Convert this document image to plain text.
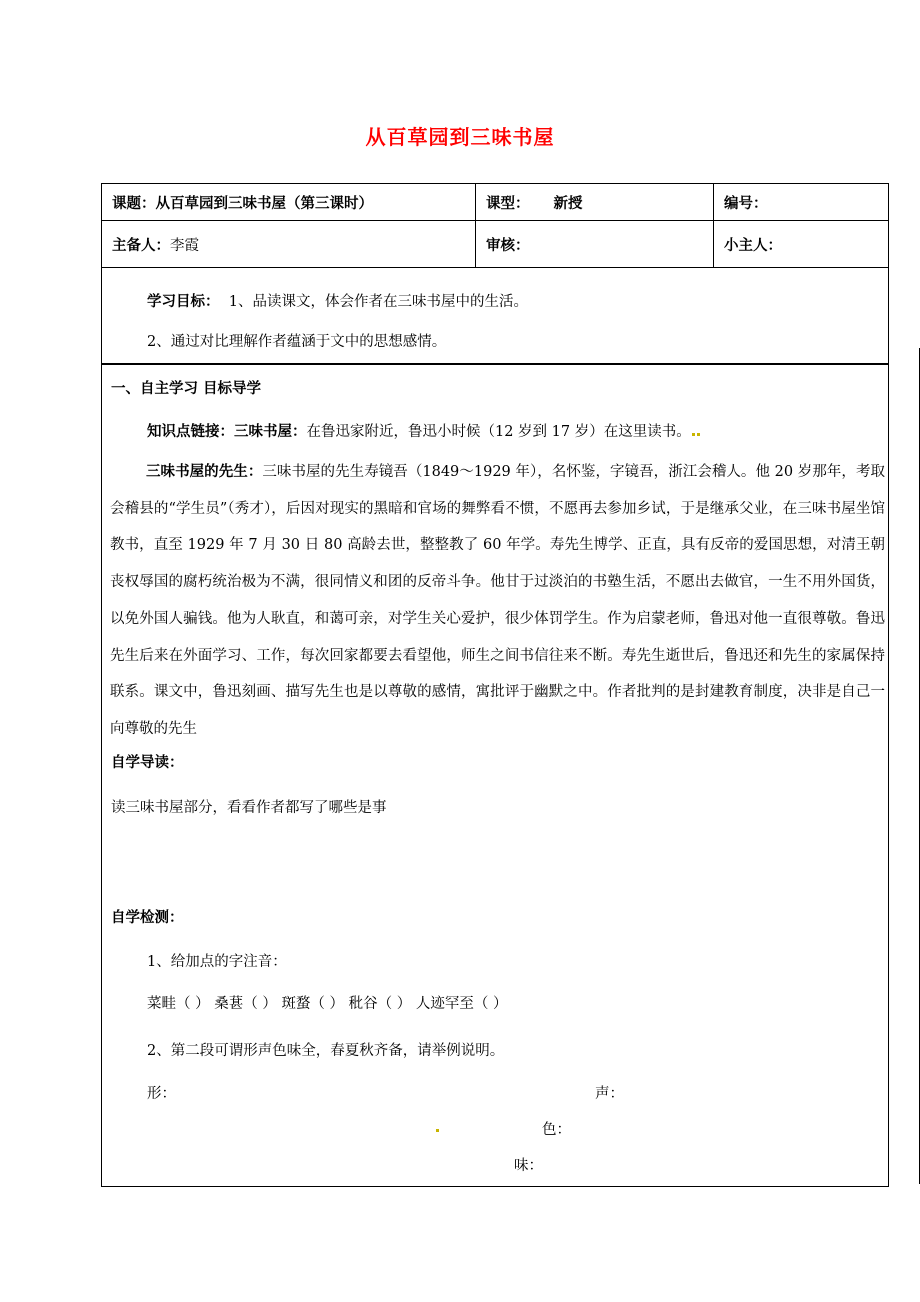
从百草园到三味书屋
课题：从百草园到三味书屋（第三课时）	课型： 新授	编号：
主备人：李霞	审核：	小主人：

学习目标： 1、品读课文，体会作者在三味书屋中的生活。

2、通过对比理解作者蕴涵于文中的思想感情。

一、自主学习 目标导学
知识点链接：三味书屋：在鲁迅家附近，鲁迅小时候（12 岁到 17 岁）在这里读书。
自学导读：
读三味书屋部分，看看作者都写了哪些是事
自学检测：
1、给加点的字注音：
菜畦（ ） 桑葚（ ） 斑蝥（ ） 秕谷（ ） 人迹罕至（ ）
2、第二段可谓形声色味全，春夏秋齐备，请举例说明。
形：	声：
色：
味：
三味书屋的先生：三味书屋的先生寿镜吾（1849～1929 年），名怀鉴，字镜吾，浙江会稽人。他 20 岁那年，考取会稽县的“学生员”（秀才），后因对现实的黑暗和官场的舞弊看不惯，不愿再去参加乡试，于是继承父业，在三味书屋坐馆教书，直至 1929 年 7 月 30 日 80 高龄去世，整整教了 60 年学。寿先生博学、正直，具有反帝的爱国思想，对清王朝丧权辱国的腐朽统治极为不满，很同情义和团的反帝斗争。他甘于过淡泊的书塾生活，不愿出去做官，一生不用外国货，以免外国人骗钱。他为人耿直，和蔼可亲，对学生关心爱护，很少体罚学生。作为启蒙老师，鲁迅对他一直很尊敬。鲁迅先生后来在外面学习、工作，每次回家都要去看望他，师生之间书信往来不断。寿先生逝世后，鲁迅还和先生的家属保持联系。课文中，鲁迅刻画、描写先生也是以尊敬的感情，寓批评于幽默之中。作者批判的是封建教育制度，决非是自己一向尊敬的先生
